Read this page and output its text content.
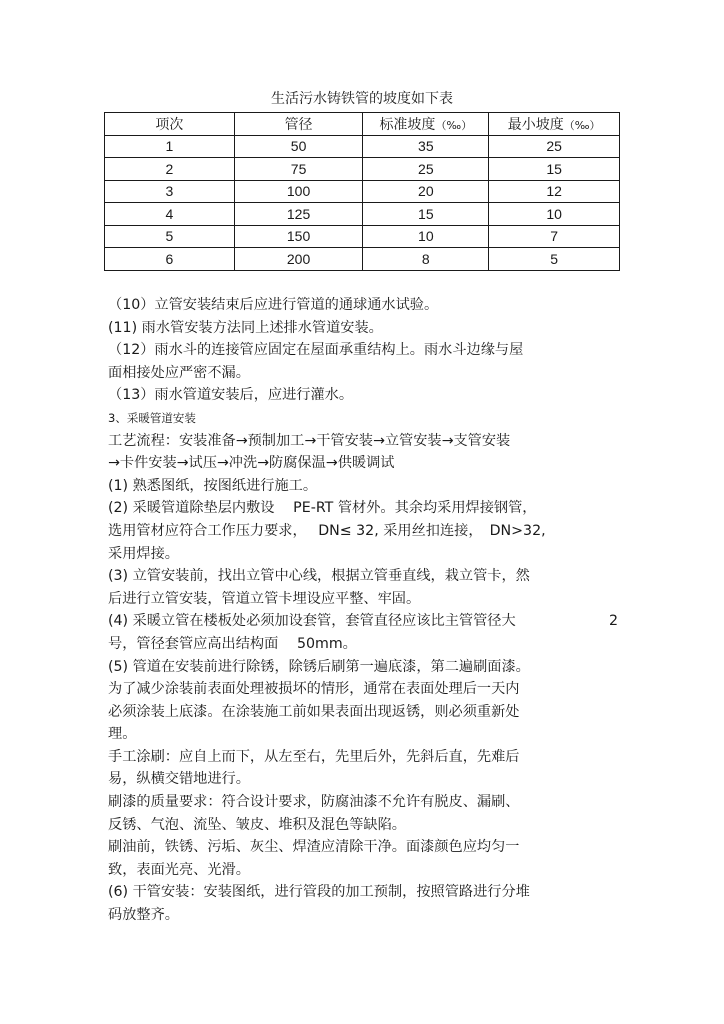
生活污水铸铁管的坡度如下表
项次	管径	标准坡度（‰）	最小坡度（‰）
1	50	35	25
2	75	25	15
3	100	20	12
4	125	15	10
5	150	10	7
6	200	8	5
（10）立管安装结束后应进行管道的通球通水试验。
(11) 雨水管安装方法同上述排水管道安装。
（12）雨水斗的连接管应固定在屋面承重结构上。雨水斗边缘与屋
面相接处应严密不漏。
（13）雨水管道安装后，应进行灌水。
3、采暖管道安装
工艺流程：安装准备→预制加工→干管安装→立管安装→支管安装
→卡件安装→试压→冲洗→防腐保温→供暖调试
(1) 熟悉图纸，按图纸进行施工。
(2) 采暖管道除垫层内敷设　 PE-RT 管材外。其余均采用焊接钢管，
选用管材应符合工作压力要求，　 DN≤ 32, 采用丝扣连接，　DN>32,
采用焊接。
(3) 立管安装前，找出立管中心线，根据立管垂直线，栽立管卡，然
后进行立管安装，管道立管卡埋设应平整、牢固。
(4) 采暖立管在楼板处必须加设套管，套管直径应该比主管管径大	2
号，管径套管应高出结构面　 50mm。
(5) 管道在安装前进行除锈，除锈后刷第一遍底漆，第二遍刷面漆。
为了减少涂装前表面处理被损坏的情形，通常在表面处理后一天内
必须涂装上底漆。在涂装施工前如果表面出现返锈，则必须重新处
理。
手工涂刷：应自上而下，从左至右，先里后外，先斜后直，先难后
易，纵横交错地进行。
刷漆的质量要求：符合设计要求，防腐油漆不允许有脱皮、漏刷、
反锈、气泡、流坠、皱皮、堆积及混色等缺陷。
刷油前，铁锈、污垢、灰尘、焊渣应清除干净。面漆颜色应均匀一
致，表面光亮、光滑。
(6) 干管安装：安装图纸，进行管段的加工预制，按照管路进行分堆
码放整齐。
